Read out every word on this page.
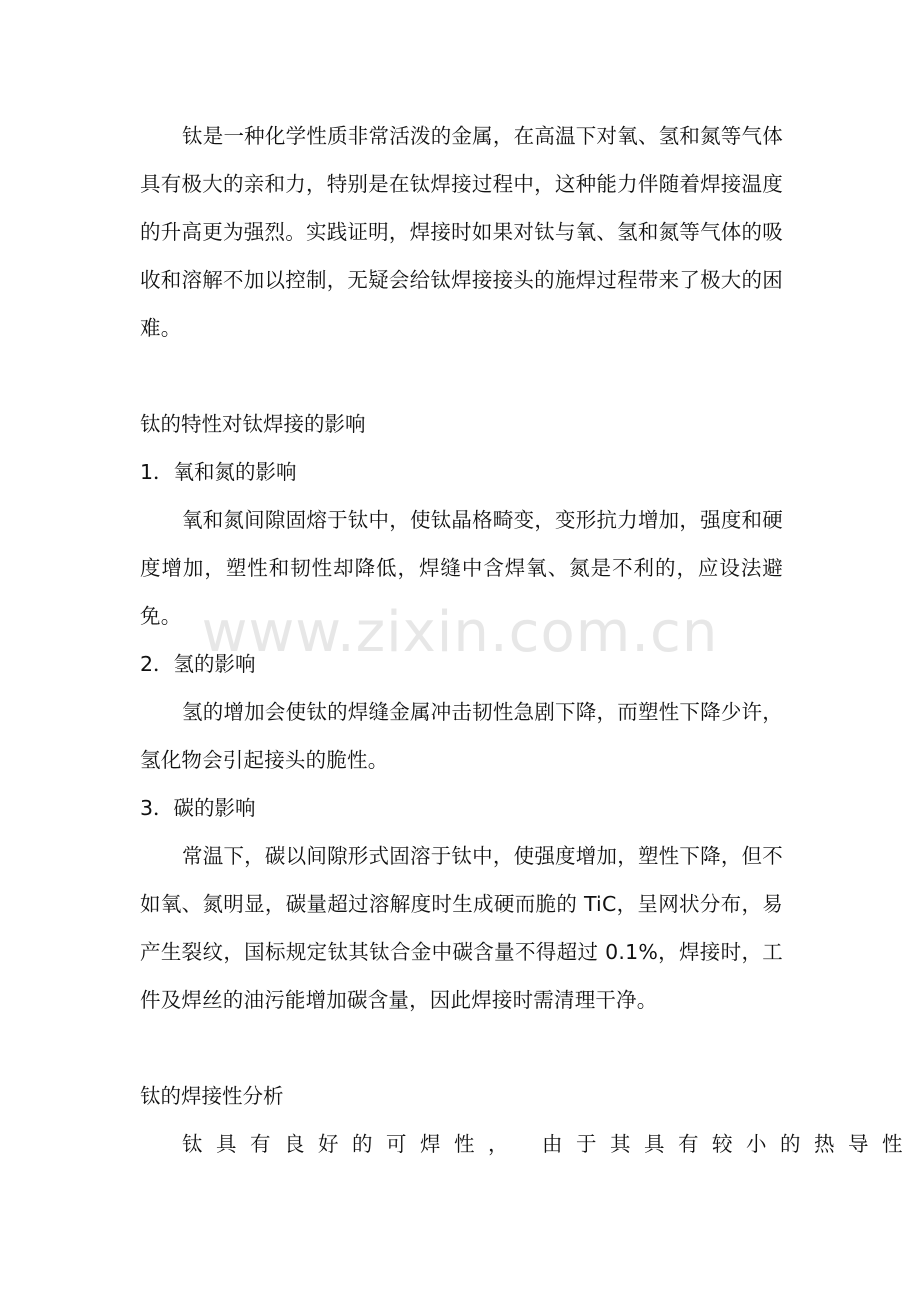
钛是一种化学性质非常活泼的金属，在高温下对氧、氢和氮等气体具有极大的亲和力，特别是在钛焊接过程中，这种能力伴随着焊接温度的升高更为强烈。实践证明，焊接时如果对钛与氧、氢和氮等气体的吸收和溶解不加以控制，无疑会给钛焊接接头的施焊过程带来了极大的困难。

钛的特性对钛焊接的影响

1．氧和氮的影响

氧和氮间隙固熔于钛中，使钛晶格畸变，变形抗力增加，强度和硬度增加，塑性和韧性却降低，焊缝中含焊氧、氮是不利的，应设法避免。

2．氢的影响

氢的增加会使钛的焊缝金属冲击韧性急剧下降，而塑性下降少许，氢化物会引起接头的脆性。

3．碳的影响

常温下，碳以间隙形式固溶于钛中，使强度增加，塑性下降，但不如氧、氮明显，碳量超过溶解度时生成硬而脆的 TiC，呈网状分布，易产生裂纹，国标规定钛其钛合金中碳含量不得超过 0.1%，焊接时，工件及焊丝的油污能增加碳含量，因此焊接时需清理干净。

钛的焊接性分析

钛具有良好的可焊性， 由于其具有较小的热导性

www.zixin.com.cn
